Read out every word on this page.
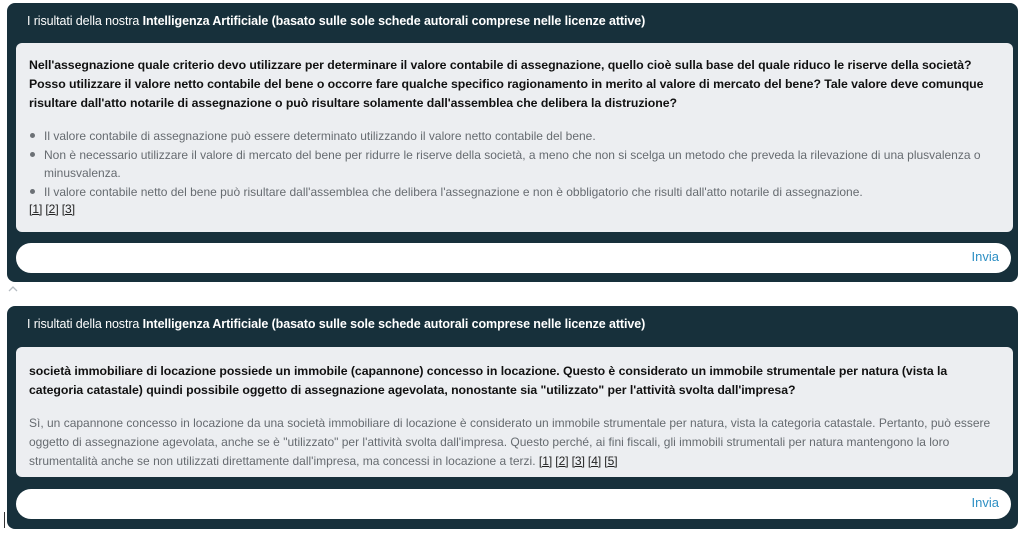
I risultati della nostra Intelligenza Artificiale (basato sulle sole schede autorali comprese nelle licenze attive)
Nell'assegnazione quale criterio devo utilizzare per determinare il valore contabile di assegnazione, quello cioè sulla base del quale riduco le riserve della società? Posso utilizzare il valore netto contabile del bene o occorre fare qualche specifico ragionamento in merito al valore di mercato del bene? Tale valore deve comunque risultare dall'atto notarile di assegnazione o può risultare solamente dall'assemblea che delibera la distruzione?
Il valore contabile di assegnazione può essere determinato utilizzando il valore netto contabile del bene.
Non è necessario utilizzare il valore di mercato del bene per ridurre le riserve della società, a meno che non si scelga un metodo che preveda la rilevazione di una plusvalenza o minusvalenza.
Il valore contabile netto del bene può risultare dall'assemblea che delibera l'assegnazione e non è obbligatorio che risulti dall'atto notarile di assegnazione.
[1] [2] [3]
Invia
I risultati della nostra Intelligenza Artificiale (basato sulle sole schede autorali comprese nelle licenze attive)
società immobiliare di locazione possiede un immobile (capannone) concesso in locazione. Questo è considerato un immobile strumentale per natura (vista la categoria catastale) quindi possibile oggetto di assegnazione agevolata, nonostante sia "utilizzato" per l'attività svolta dall'impresa?
Sì, un capannone concesso in locazione da una società immobiliare di locazione è considerato un immobile strumentale per natura, vista la categoria catastale. Pertanto, può essere oggetto di assegnazione agevolata, anche se è "utilizzato" per l'attività svolta dall'impresa. Questo perché, ai fini fiscali, gli immobili strumentali per natura mantengono la loro strumentalità anche se non utilizzati direttamente dall'impresa, ma concessi in locazione a terzi. [1] [2] [3] [4] [5]
Invia
